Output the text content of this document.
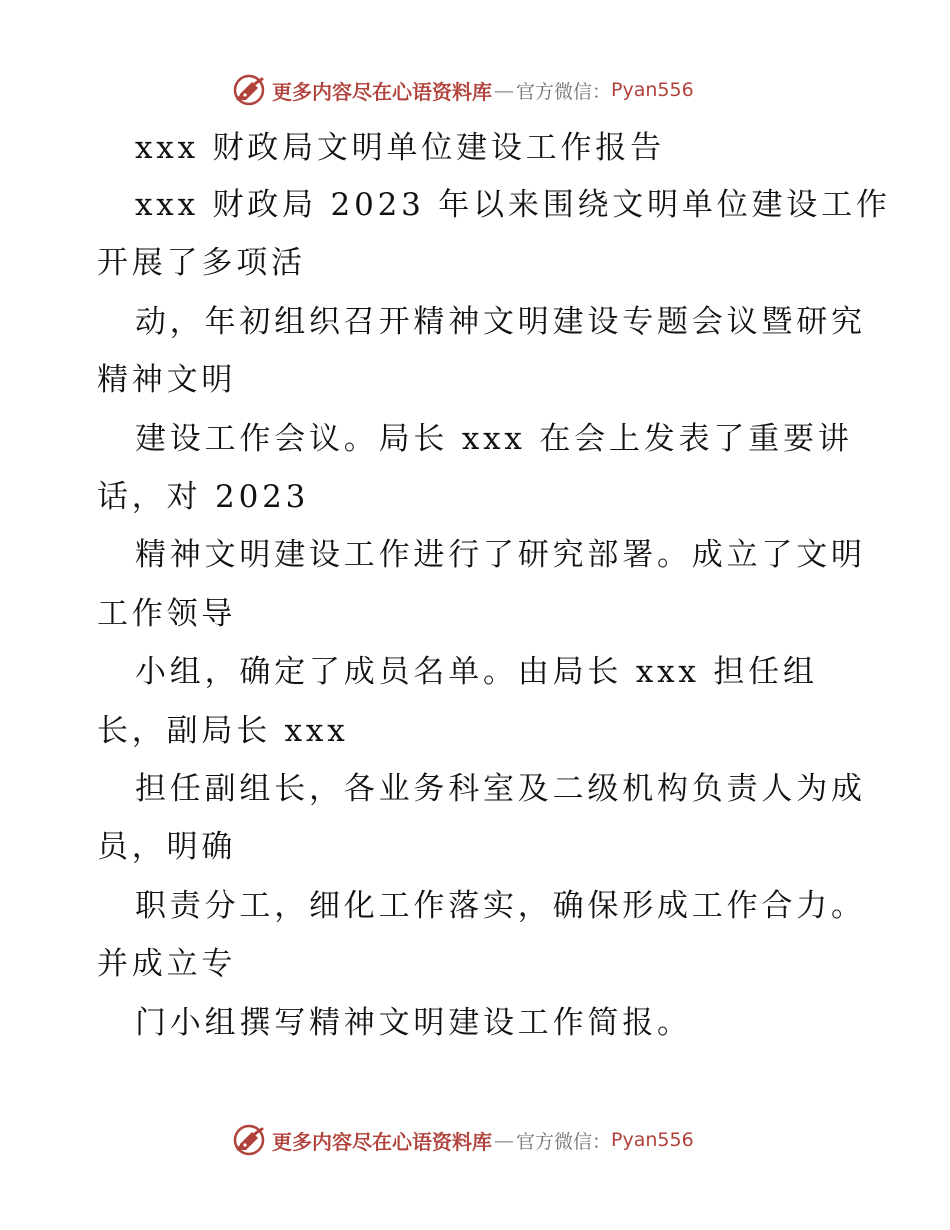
更多内容尽在心语资料库 — 官方微信： Pyan556
xxx 财政局文明单位建设工作报告
xxx 财政局 2023 年以来围绕文明单位建设工作
开展了多项活
动，年初组织召开精神文明建设专题会议暨研究
精神文明
建设工作会议。局长 xxx 在会上发表了重要讲
话，对 2023
精神文明建设工作进行了研究部署。成立了文明
工作领导
小组，确定了成员名单。由局长 xxx 担任组
长，副局长 xxx
担任副组长，各业务科室及二级机构负责人为成
员，明确
职责分工，细化工作落实，确保形成工作合力。
并成立专
门小组撰写精神文明建设工作简报。
更多内容尽在心语资料库 — 官方微信： Pyan556
